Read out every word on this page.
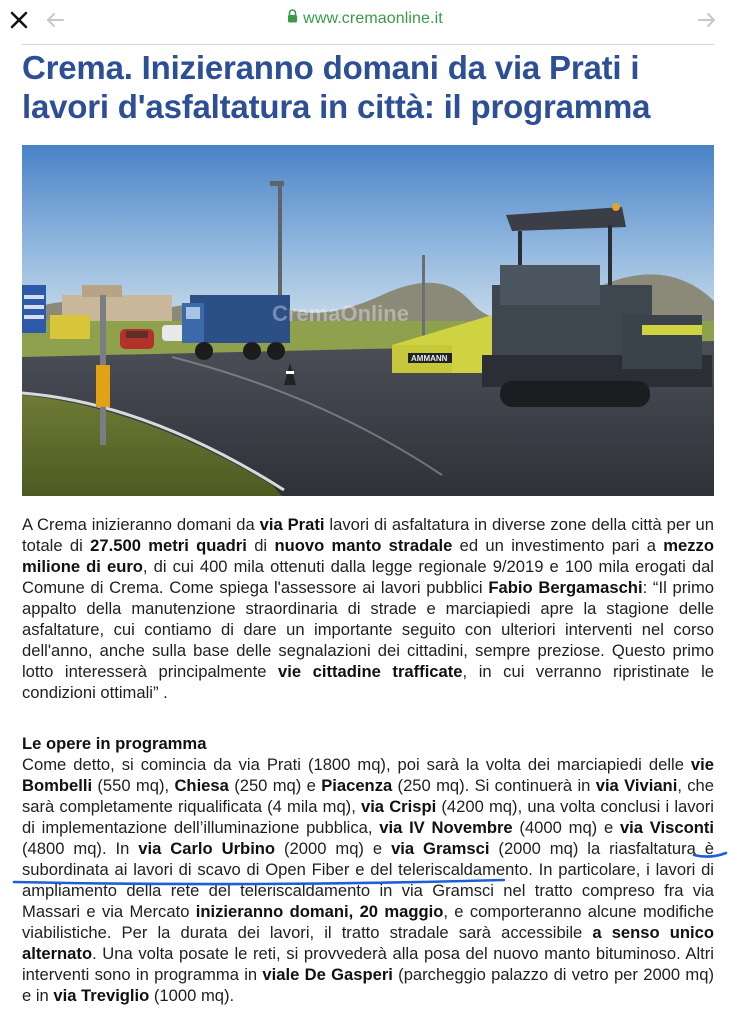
www.cremaonline.it
Crema. Inizieranno domani da via Prati i lavori d'asfaltatura in città: il programma
AMMANN
CremaOnline

A Crema inizieranno domani da via Prati lavori di asfaltatura in diverse zone della città per un totale di 27.500 metri quadri di nuovo manto stradale ed un investimento pari a mezzo milione di euro, di cui 400 mila ottenuti dalla legge regionale 9/2019 e 100 mila erogati dal Comune di Crema. Come spiega l'assessore ai lavori pubblici Fabio Bergamaschi: “Il primo appalto della manutenzione straordinaria di strade e marciapiedi apre la stagione delle asfaltature, cui contiamo di dare un importante seguito con ulteriori interventi nel corso dell'anno, anche sulla base delle segnalazioni dei cittadini, sempre preziose. Questo primo lotto interesserà principalmente vie cittadine trafficate, in cui verranno ripristinate le condizioni ottimali” .

Le opere in programma

Come detto, si comincia da via Prati (1800 mq), poi sarà la volta dei marciapiedi delle vie Bombelli (550 mq), Chiesa (250 mq) e Piacenza (250 mq). Si continuerà in via Viviani, che sarà completamente riqualificata (4 mila mq), via Crispi (4200 mq), una volta conclusi i lavori di implementazione dell’illuminazione pubblica, via IV Novembre (4000 mq) e via Visconti (4800 mq). In via Carlo Urbino (2000 mq) e via Gramsci (2000 mq) la riasfaltatura è subordinata ai lavori di scavo di Open Fiber e del teleriscaldamento. In particolare, i lavori di ampliamento della rete del teleriscaldamento in via Gramsci nel tratto compreso fra via Massari e via Mercato inizieranno domani, 20 maggio, e comporteranno alcune modifiche viabilistiche. Per la durata dei lavori, il tratto stradale sarà accessibile a senso unico alternato. Una volta posate le reti, si provvederà alla posa del nuovo manto bituminoso. Altri interventi sono in programma in viale De Gasperi (parcheggio palazzo di vetro per 2000 mq) e in via Treviglio (1000 mq).
